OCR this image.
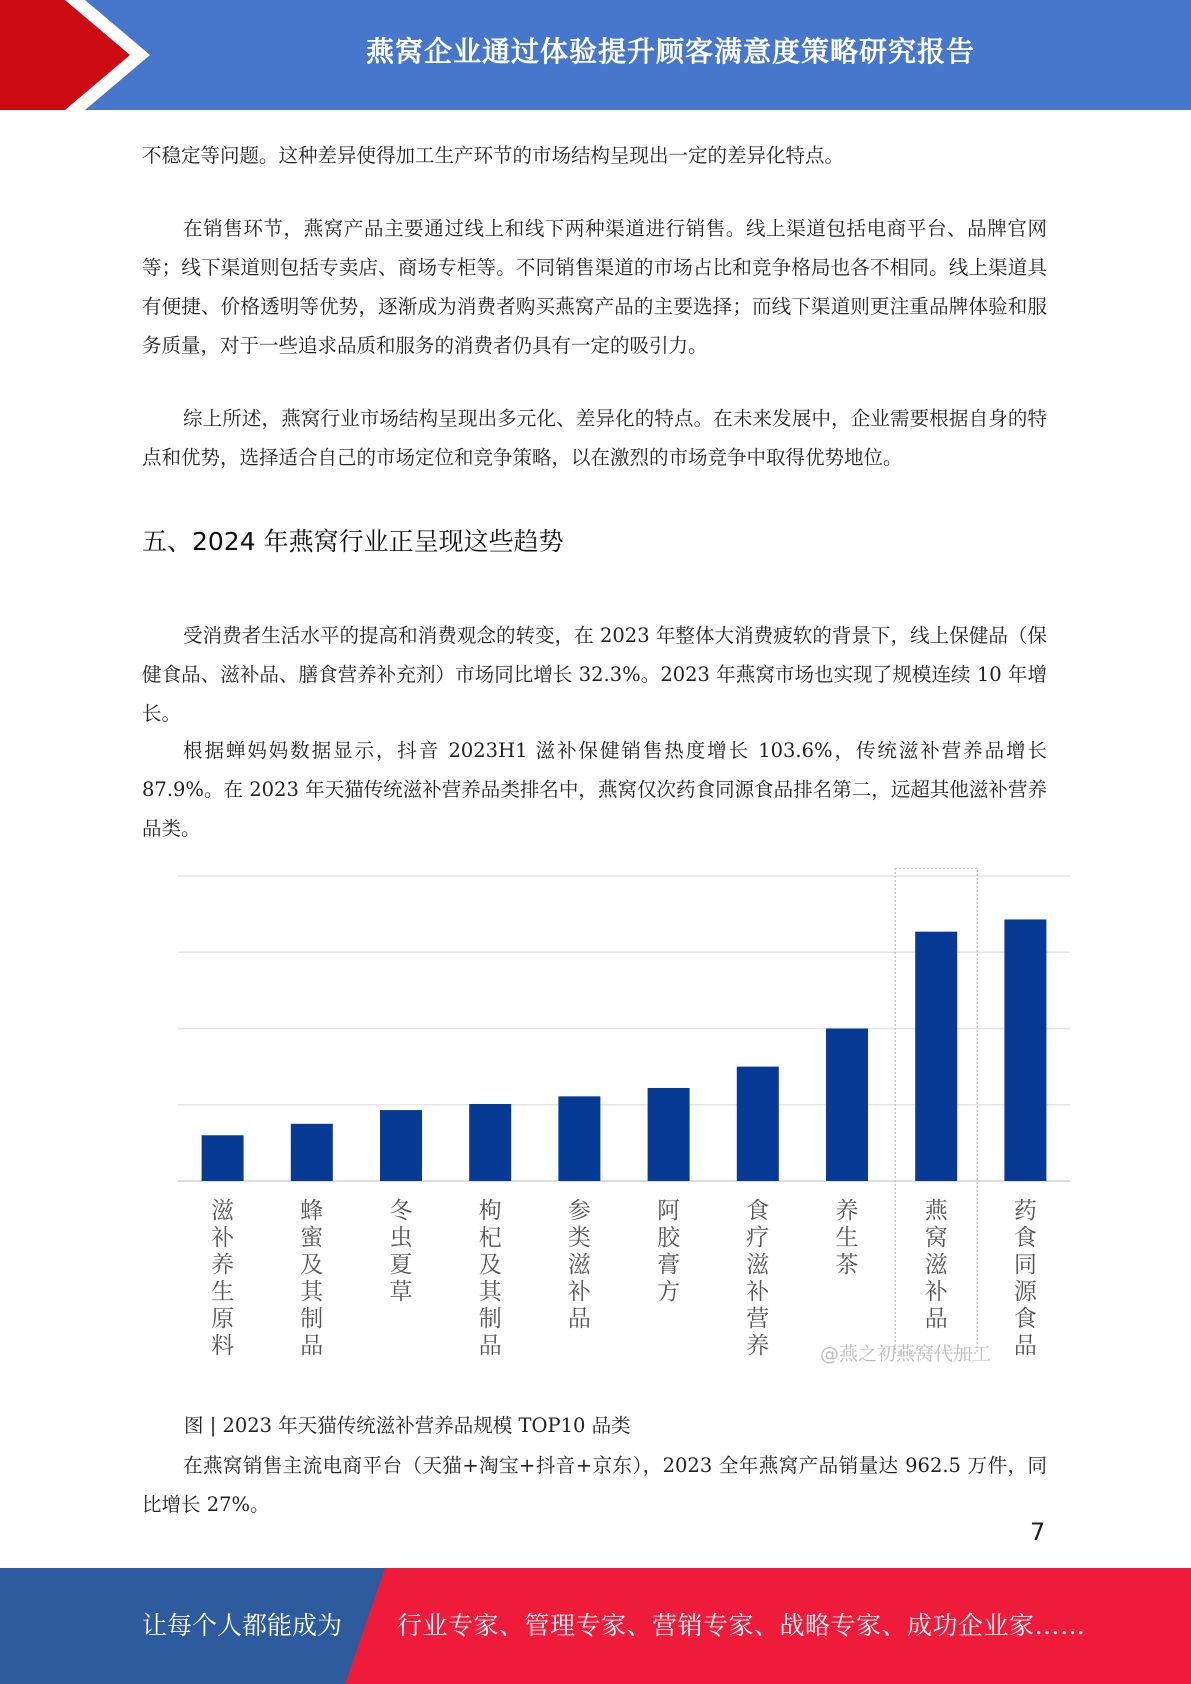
燕窝企业通过体验提升顾客满意度策略研究报告

不稳定等问题。这种差异使得加工生产环节的市场结构呈现出一定的差异化特点。

在销售环节，燕窝产品主要通过线上和线下两种渠道进行销售。线上渠道包括电商平台、品牌官网等；线下渠道则包括专卖店、商场专柜等。不同销售渠道的市场占比和竞争格局也各不相同。线上渠道具有便捷、价格透明等优势，逐渐成为消费者购买燕窝产品的主要选择；而线下渠道则更注重品牌体验和服务质量，对于一些追求品质和服务的消费者仍具有一定的吸引力。

综上所述，燕窝行业市场结构呈现出多元化、差异化的特点。在未来发展中，企业需要根据自身的特点和优势，选择适合自己的市场定位和竞争策略，以在激烈的市场竞争中取得优势地位。

五、2024 年燕窝行业正呈现这些趋势

受消费者生活水平的提高和消费观念的转变，在 2023 年整体大消费疲软的背景下，线上保健品（保健食品、滋补品、膳食营养补充剂）市场同比增长 32.3%。2023 年燕窝市场也实现了规模连续 10 年增长。

根据蝉妈妈数据显示，抖音 2023H1 滋补保健销售热度增长 103.6%，传统滋补营养品增长 87.9%。在 2023 年天猫传统滋补营养品类排名中，燕窝仅次药食同源食品排名第二，远超其他滋补营养品类。

滋补养生原料
蜂蜜及其制品
冬虫夏草
枸杞及其制品
参类滋补品
阿胶膏方
食疗滋补营养
养生茶
燕窝滋补品
药食同源食品
@燕之初燕窝代加工

图 | 2023 年天猫传统滋补营养品规模 TOP10 品类

在燕窝销售主流电商平台（天猫+淘宝+抖音+京东），2023 全年燕窝产品销量达 962.5 万件，同比增长 27%。

7
让每个人都能成为 行业专家、管理专家、营销专家、战略专家、成功企业家……
